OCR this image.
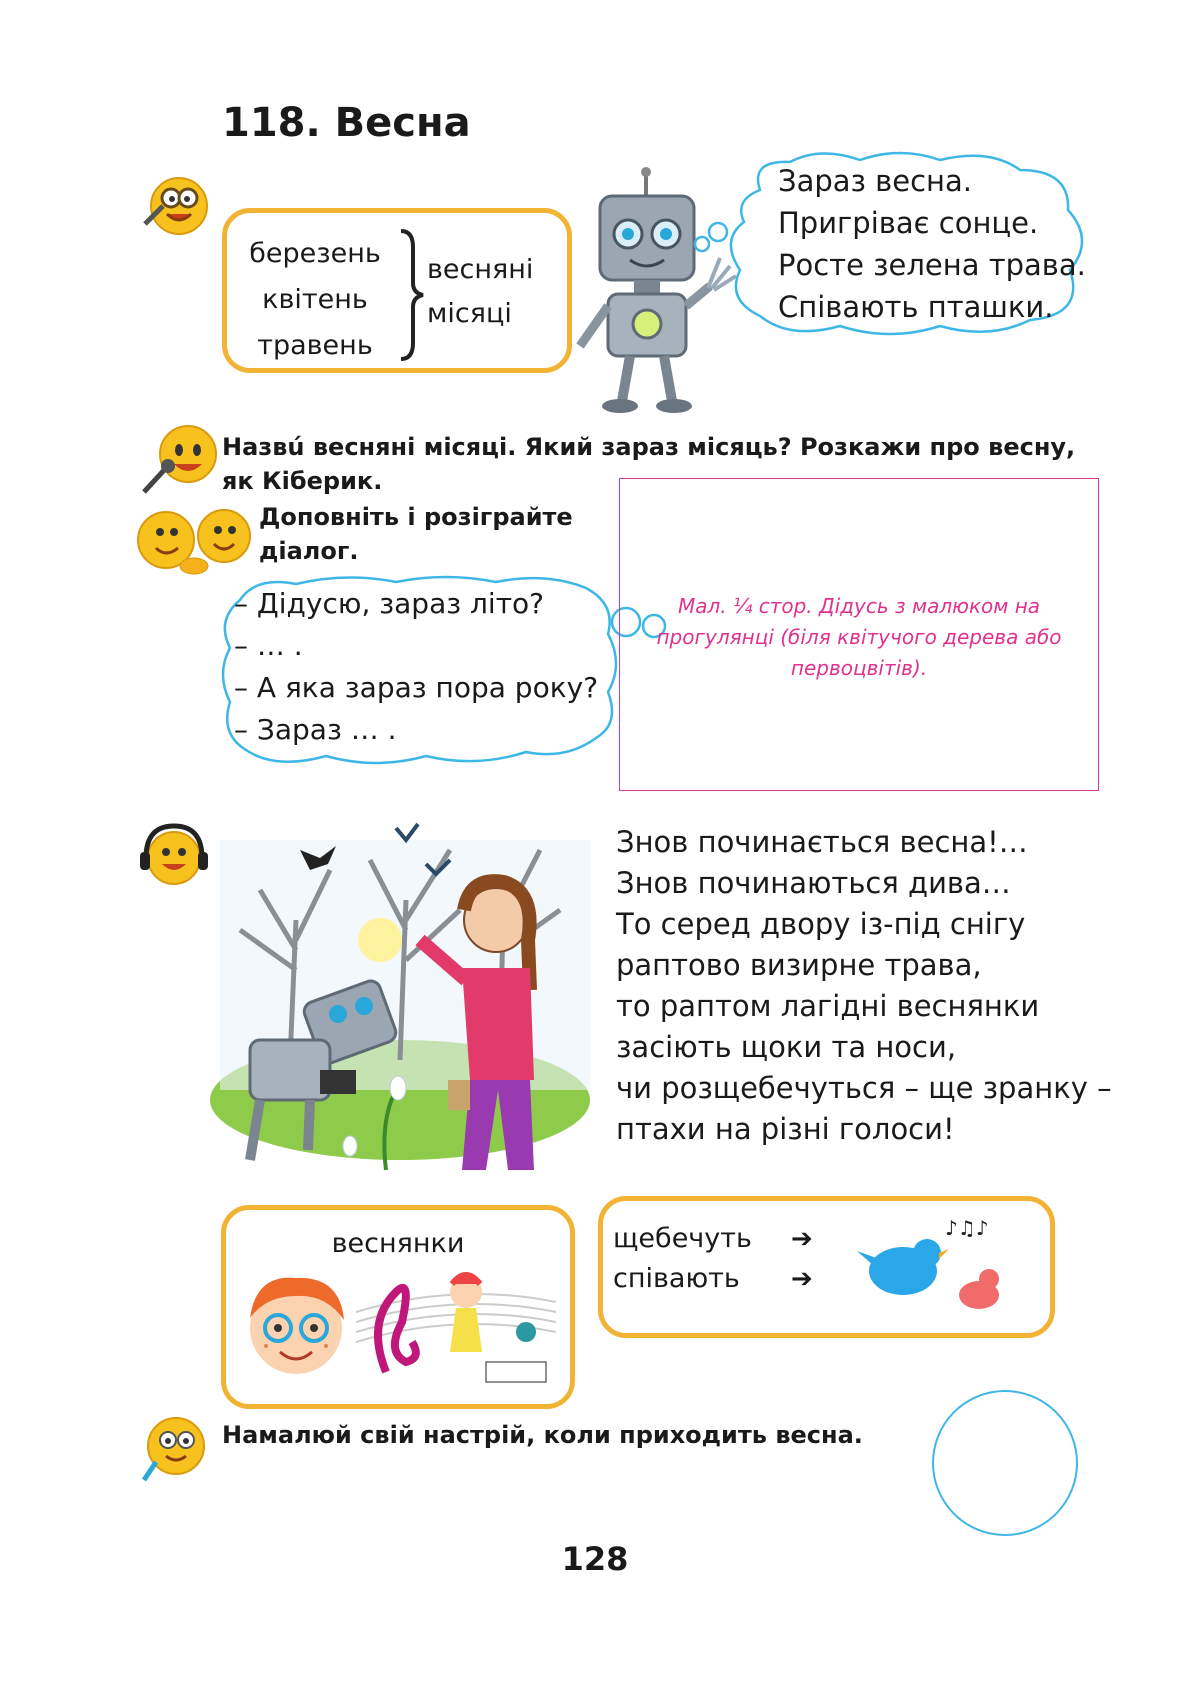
118. Весна
березень
квітень
травень
весняні
місяці
Зараз весна.
Пригріває сонце.
Росте зелена трава.
Співають пташки.
Назвú весняні місяці. Який зараз місяць? Розкажи про весну,
як Кіберик.
Доповніть і розіграйте
діалог.
– Дідусю, зараз літо?
– … .
– А яка зараз пора року?
– Зараз … .
Мал. ¼ стор. Дідусь з малюком на прогулянці (біля квітучого дерева або первоцвітів).
Знов починається весна!…
Знов починаються дива…
То серед двору із-під снігу
раптово визирне трава,
то раптом лагідні веснянки
засіють щоки та носи,
чи розщебечуться – ще зранку –
птахи на різні голоси!
веснянки	щебечуть
співають
➔
➔
♪♫♪
Намалюй свій настрій, коли приходить весна.
128
